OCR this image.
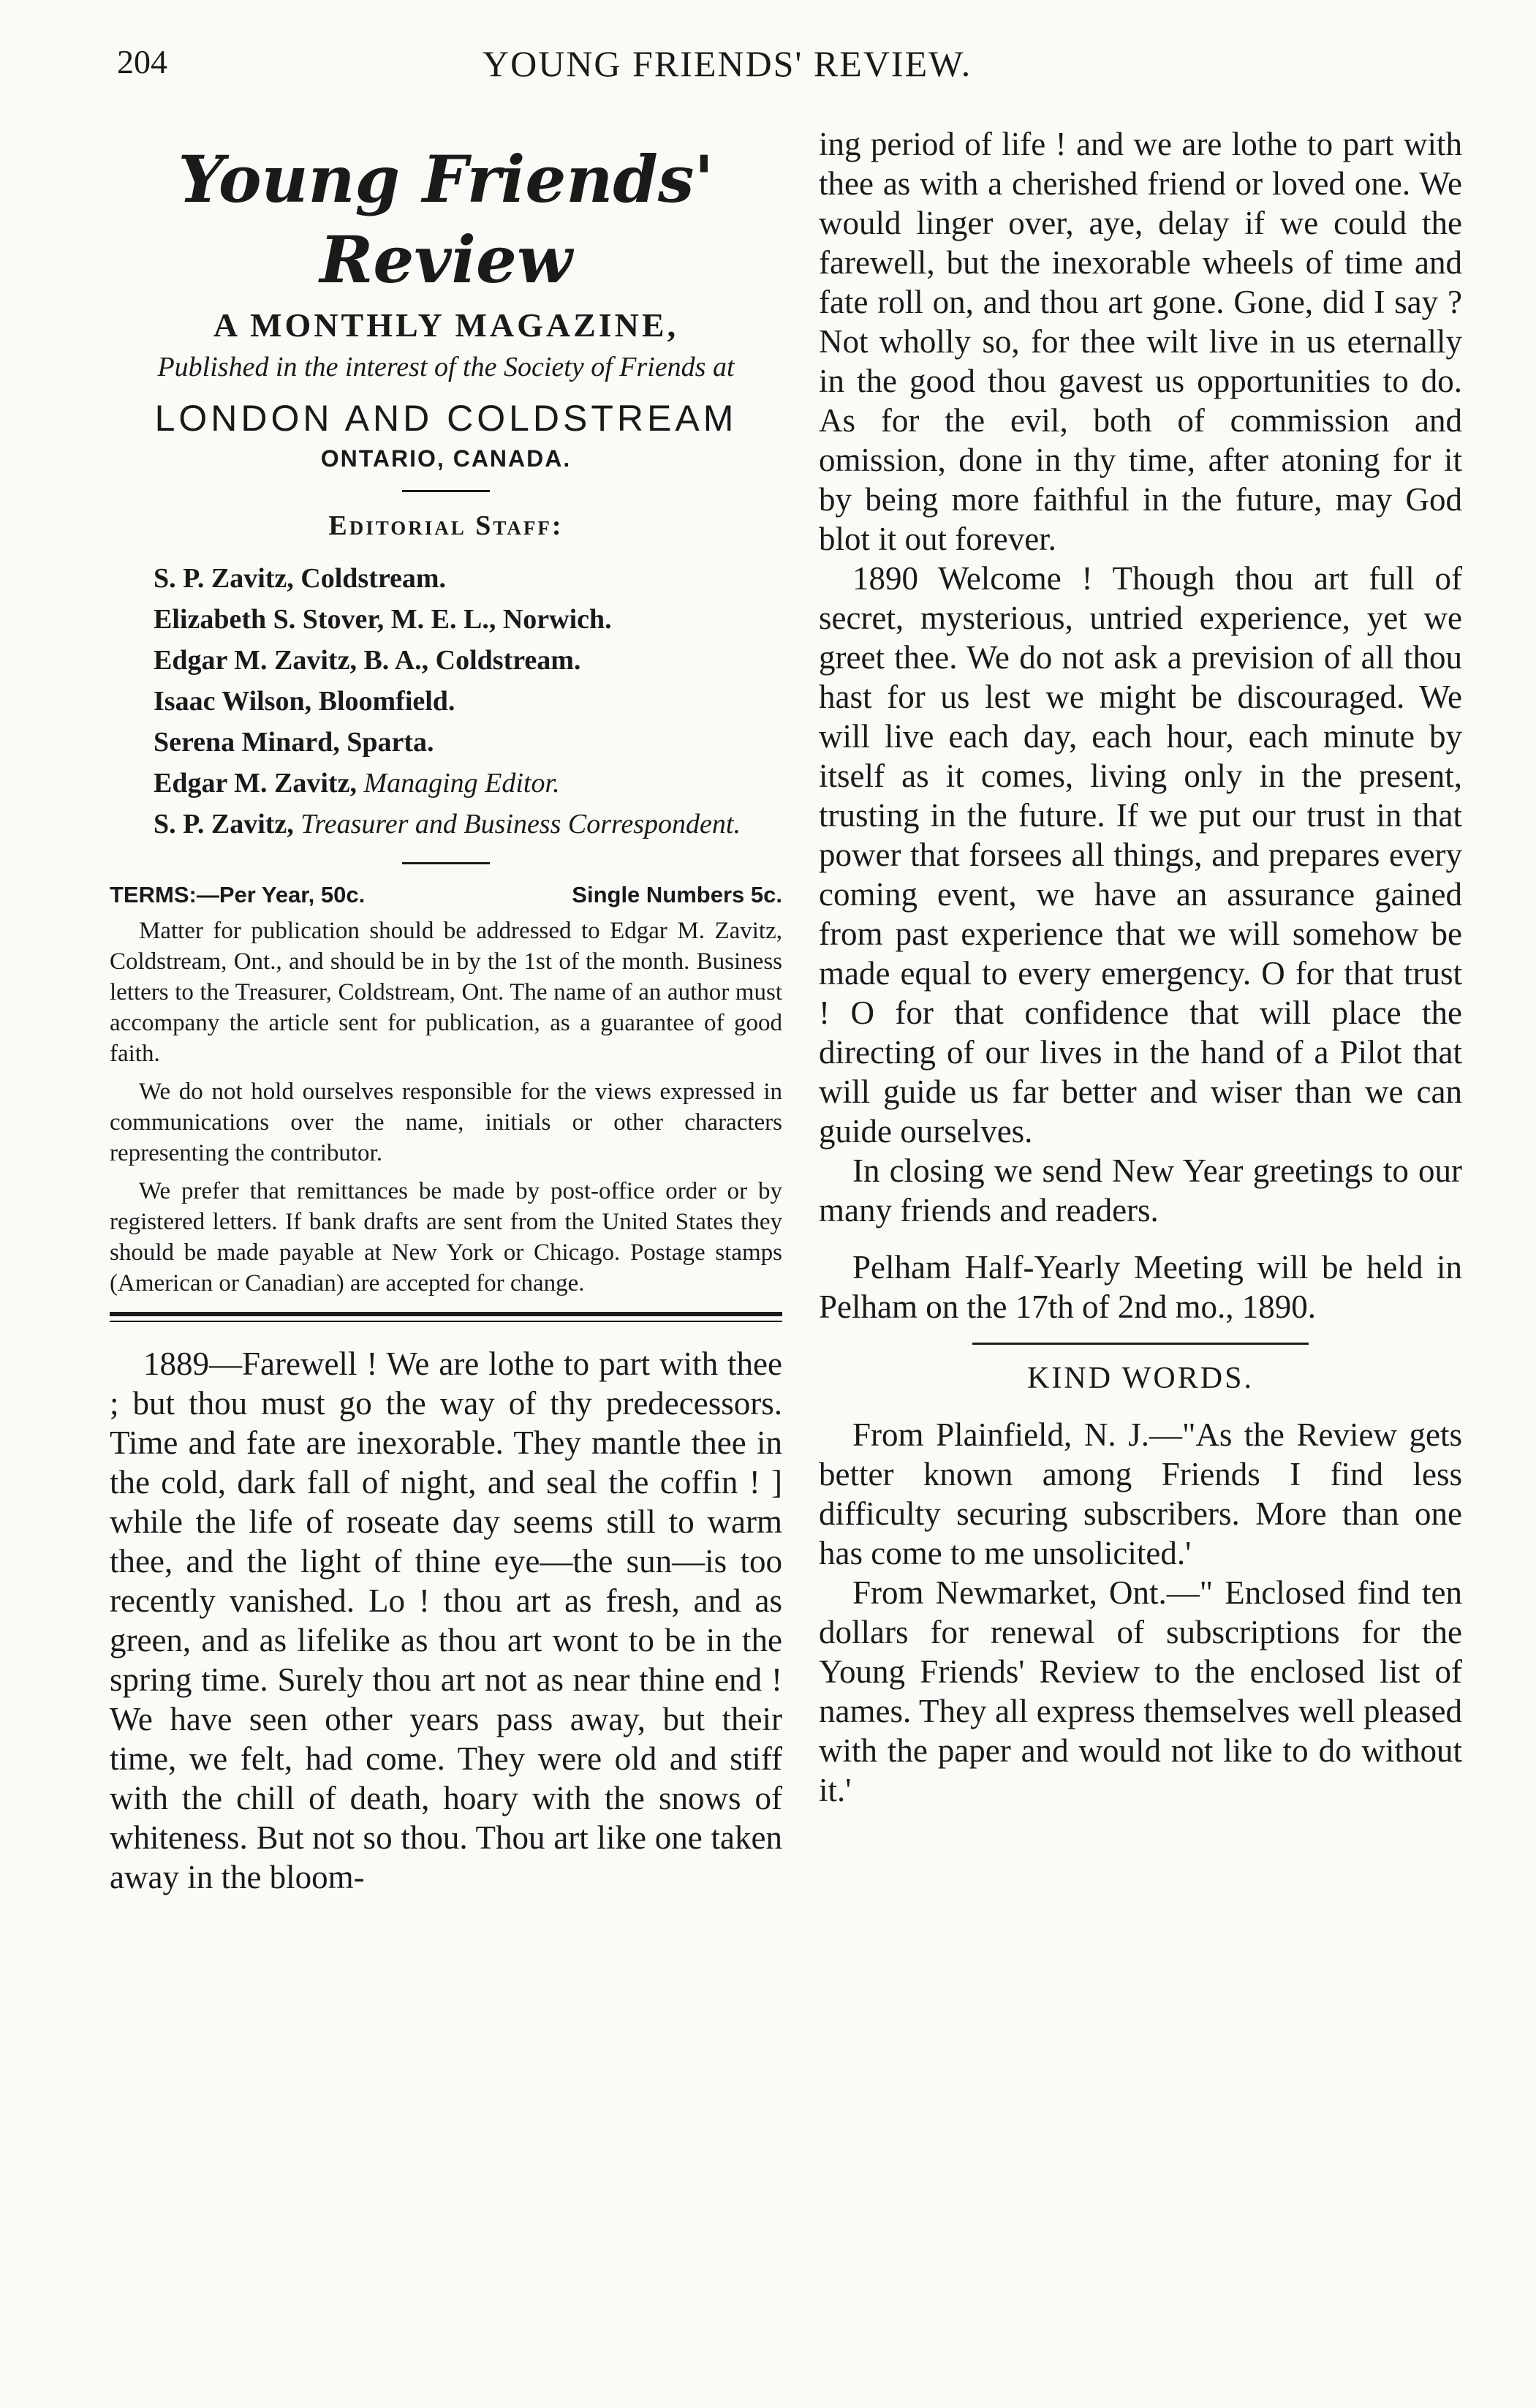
204	YOUNG FRIENDS' REVIEW.
Young Friends' Review
A MONTHLY MAGAZINE,
Published in the interest of the Society of Friends at
LONDON AND COLDSTREAM
ONTARIO, CANADA.
Editorial Staff:
S. P. Zavitz, Coldstream.
Elizabeth S. Stover, M. E. L., Norwich.
Edgar M. Zavitz, B. A., Coldstream.
Isaac Wilson, Bloomfield.
Serena Minard, Sparta.
Edgar M. Zavitz, Managing Editor.
S. P. Zavitz, Treasurer and Business Correspondent.
TERMS:—Per Year, 50c.	Single Numbers 5c.

Matter for publication should be addressed to Edgar M. Zavitz, Coldstream, Ont., and should be in by the 1st of the month. Business letters to the Treasurer, Coldstream, Ont. The name of an author must accompany the article sent for publication, as a guarantee of good faith.

We do not hold ourselves responsible for the views expressed in communications over the name, initials or other characters representing the contributor.

We prefer that remittances be made by post-office order or by registered letters. If bank drafts are sent from the United States they should be made payable at New York or Chicago. Postage stamps (American or Canadian) are accepted for change.

1889—Farewell ! We are lothe to part with thee ; but thou must go the way of thy predecessors. Time and fate are inexorable. They mantle thee in the cold, dark fall of night, and seal the coffin ! ] while the life of roseate day seems still to warm thee, and the light of thine eye—the sun—is too recently vanished. Lo ! thou art as fresh, and as green, and as lifelike as thou art wont to be in the spring time. Surely thou art not as near thine end ! We have seen other years pass away, but their time, we felt, had come. They were old and stiff with the chill of death, hoary with the snows of whiteness. But not so thou. Thou art like one taken away in the bloom-

ing period of life ! and we are lothe to part with thee as with a cherished friend or loved one. We would linger over, aye, delay if we could the farewell, but the inexorable wheels of time and fate roll on, and thou art gone. Gone, did I say ? Not wholly so, for thee wilt live in us eternally in the good thou gavest us opportunities to do. As for the evil, both of commission and omission, done in thy time, after atoning for it by being more faithful in the future, may God blot it out forever.

1890 Welcome ! Though thou art full of secret, mysterious, untried experience, yet we greet thee. We do not ask a prevision of all thou hast for us lest we might be discouraged. We will live each day, each hour, each minute by itself as it comes, living only in the present, trusting in the future. If we put our trust in that power that forsees all things, and prepares every coming event, we have an assurance gained from past experience that we will somehow be made equal to every emergency. O for that trust ! O for that confidence that will place the directing of our lives in the hand of a Pilot that will guide us far better and wiser than we can guide ourselves.

In closing we send New Year greetings to our many friends and readers.

Pelham Half-Yearly Meeting will be held in Pelham on the 17th of 2nd mo., 1890.

KIND WORDS.

From Plainfield, N. J.—"As the Review gets better known among Friends I find less difficulty securing subscribers. More than one has come to me unsolicited.'

From Newmarket, Ont.—" Enclosed find ten dollars for renewal of subscriptions for the Young Friends' Review to the enclosed list of names. They all express themselves well pleased with the paper and would not like to do without it.'
